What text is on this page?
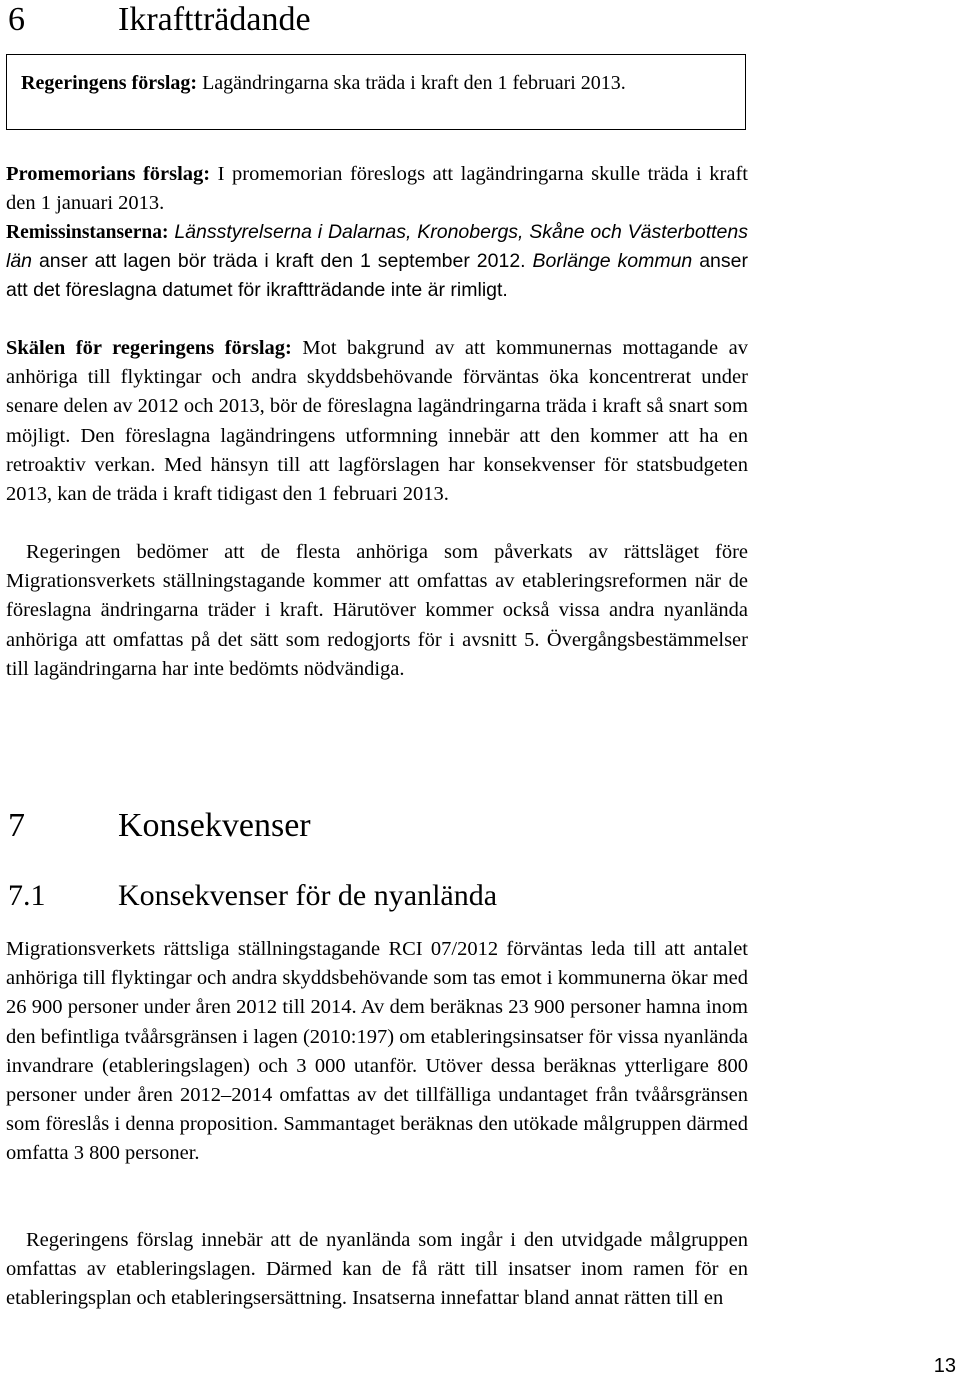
6	Ikraftträdande
Regeringens förslag: Lagändringarna ska träda i kraft den 1 februari 2013.

Promemorians förslag: I promemorian föreslogs att lagändringarna skulle träda i kraft den 1 januari 2013.

Remissinstanserna: Länsstyrelserna i Dalarnas, Kronobergs, Skåne och Västerbottens län anser att lagen bör träda i kraft den 1 september 2012. Borlänge kommun anser att det föreslagna datumet för ikraftträdande inte är rimligt.

Skälen för regeringens förslag: Mot bakgrund av att kommunernas mottagande av anhöriga till flyktingar och andra skyddsbehövande förväntas öka koncentrerat under senare delen av 2012 och 2013, bör de föreslagna lagändringarna träda i kraft så snart som möjligt. Den föreslagna lagändringens utformning innebär att den kommer att ha en retroaktiv verkan. Med hänsyn till att lagförslagen har konsekvenser för statsbudgeten 2013, kan de träda i kraft tidigast den 1 februari 2013.

Regeringen bedömer att de flesta anhöriga som påverkats av rättsläget före Migrationsverkets ställningstagande kommer att omfattas av etableringsreformen när de föreslagna ändringarna träder i kraft. Härutöver kommer också vissa andra nyanlända anhöriga att omfattas på det sätt som redogjorts för i avsnitt 5. Övergångsbestämmelser till lagändringarna har inte bedömts nödvändiga.

7	Konsekvenser
7.1 Konsekvenser för de nyanlända

Migrationsverkets rättsliga ställningstagande RCI 07/2012 förväntas leda till att antalet anhöriga till flyktingar och andra skyddsbehövande som tas emot i kommunerna ökar med 26 900 personer under åren 2012 till 2014. Av dem beräknas 23 900 personer hamna inom den befintliga tvåårsgränsen i lagen (2010:197) om etableringsinsatser för vissa nyanlända invandrare (etableringslagen) och 3 000 utanför. Utöver dessa beräknas ytterligare 800 personer under åren 2012–2014 omfattas av det tillfälliga undantaget från tvåårsgränsen som föreslås i denna proposition. Sammantaget beräknas den utökade målgruppen därmed omfatta 3 800 personer.

Regeringens förslag innebär att de nyanlända som ingår i den utvidgade målgruppen omfattas av etableringslagen. Därmed kan de få rätt till insatser inom ramen för en etableringsplan och etableringsersättning. Insatserna innefattar bland annat rätten till en

13
